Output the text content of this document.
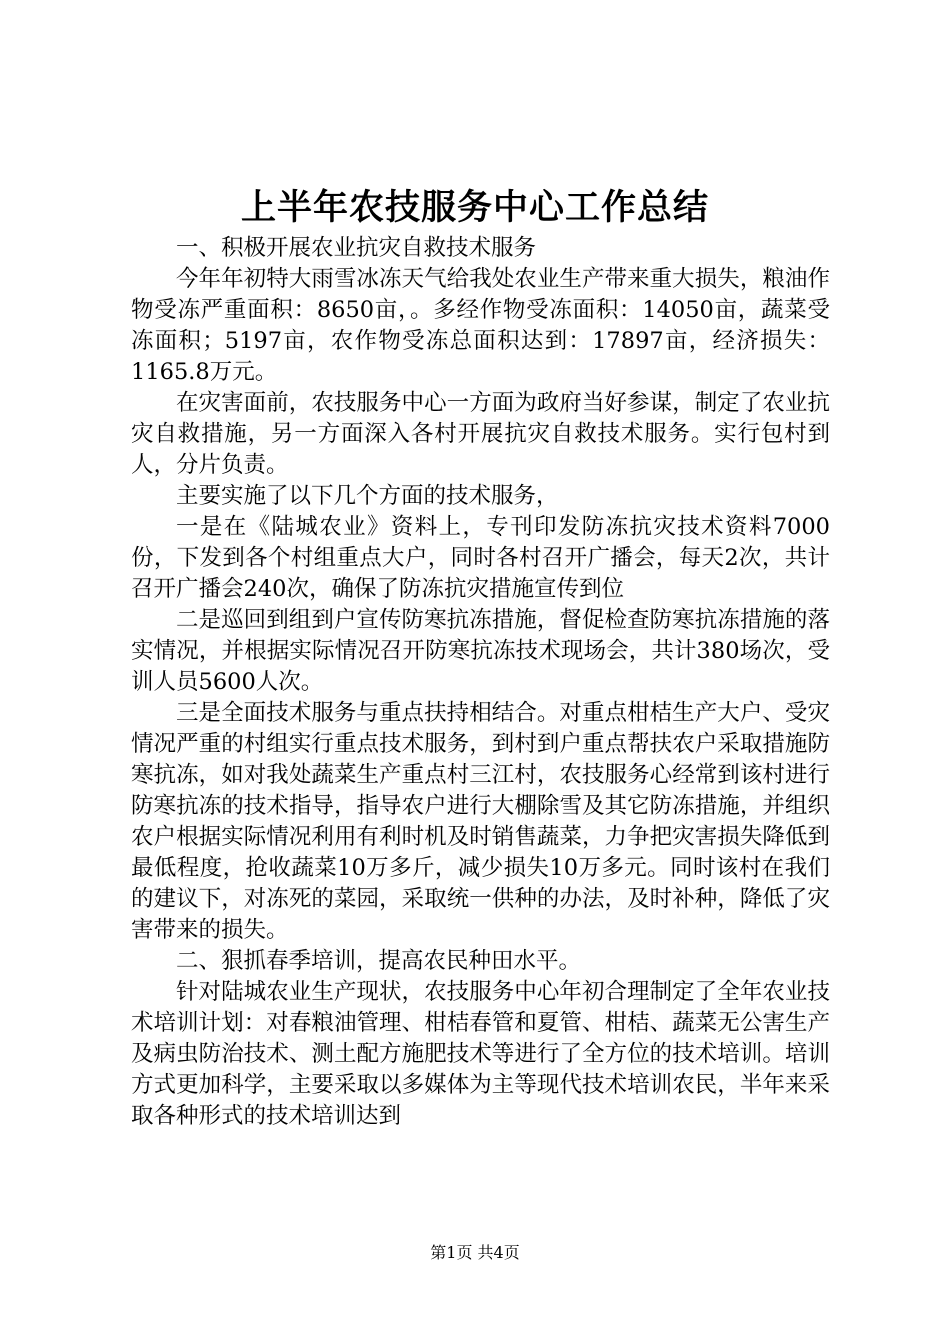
上半年农技服务中心工作总结

一、积极开展农业抗灾自救技术服务

今年年初特大雨雪冰冻天气给我处农业生产带来重大损失，粮油作物受冻严重面积：8650亩，。多经作物受冻面积：14050亩，蔬菜受冻面积；5197亩，农作物受冻总面积达到：17897亩，经济损失：1165.8万元。

在灾害面前，农技服务中心一方面为政府当好参谋，制定了农业抗灾自救措施，另一方面深入各村开展抗灾自救技术服务。实行包村到人，分片负责。

主要实施了以下几个方面的技术服务，

一是在《陆城农业》资料上，专刊印发防冻抗灾技术资料7000份，下发到各个村组重点大户，同时各村召开广播会，每天2次，共计召开广播会240次，确保了防冻抗灾措施宣传到位

二是巡回到组到户宣传防寒抗冻措施，督促检查防寒抗冻措施的落实情况，并根据实际情况召开防寒抗冻技术现场会，共计380场次，受训人员5600人次。

三是全面技术服务与重点扶持相结合。对重点柑桔生产大户、受灾情况严重的村组实行重点技术服务，到村到户重点帮扶农户采取措施防寒抗冻，如对我处蔬菜生产重点村三江村，农技服务心经常到该村进行防寒抗冻的技术指导，指导农户进行大棚除雪及其它防冻措施，并组织农户根据实际情况利用有利时机及时销售蔬菜，力争把灾害损失降低到最低程度，抢收蔬菜10万多斤，减少损失10万多元。同时该村在我们的建议下，对冻死的菜园，采取统一供种的办法，及时补种，降低了灾害带来的损失。

二、狠抓春季培训，提高农民种田水平。

针对陆城农业生产现状，农技服务中心年初合理制定了全年农业技术培训计划：对春粮油管理、柑桔春管和夏管、柑桔、蔬菜无公害生产及病虫防治技术、测土配方施肥技术等进行了全方位的技术培训。培训方式更加科学，主要采取以多媒体为主等现代技术培训农民，半年来采取各种形式的技术培训达到

第1页 共4页
